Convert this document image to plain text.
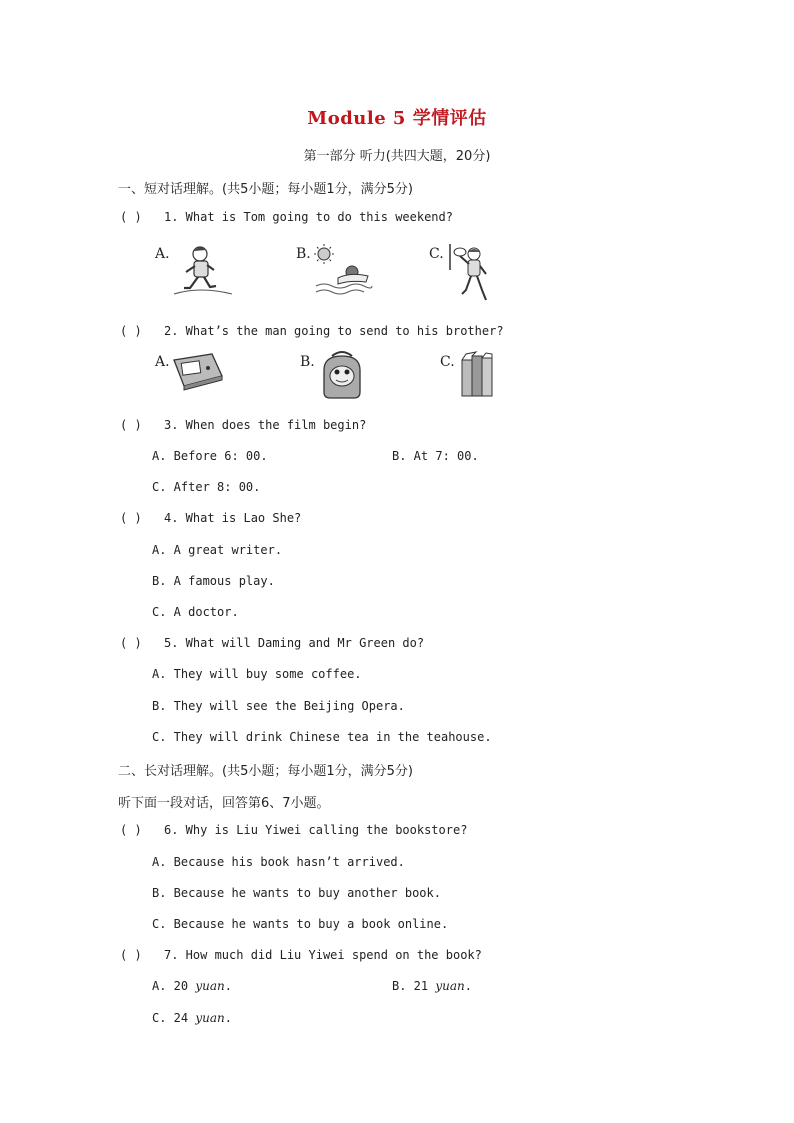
Module 5 学情评估
第一部分 听力(共四大题，20分)
一、短对话理解。(共5小题；每小题1分，满分5分)
( ) 1. What is Tom going to do this weekend?
A.	B.	C.
( ) 2. What’s the man going to send to his brother?
A.	B.	C.
( ) 3. When does the film begin?
A. Before 6: 00.	B. At 7: 00.
C. After 8: 00.
( ) 4. What is Lao She?
A. A great writer.
B. A famous play.
C. A doctor.
( ) 5. What will Daming and Mr Green do?
A. They will buy some coffee.
B. They will see the Beijing Opera.
C. They will drink Chinese tea in the teahouse.
二、长对话理解。(共5小题；每小题1分，满分5分)
听下面一段对话，回答第6、7小题。
( ) 6. Why is Liu Yiwei calling the bookstore?
A. Because his book hasn’t arrived.
B. Because he wants to buy another book.
C. Because he wants to buy a book online.
( ) 7. How much did Liu Yiwei spend on the book?
A. 20 yuan.	B. 21 yuan.
C. 24 yuan.
